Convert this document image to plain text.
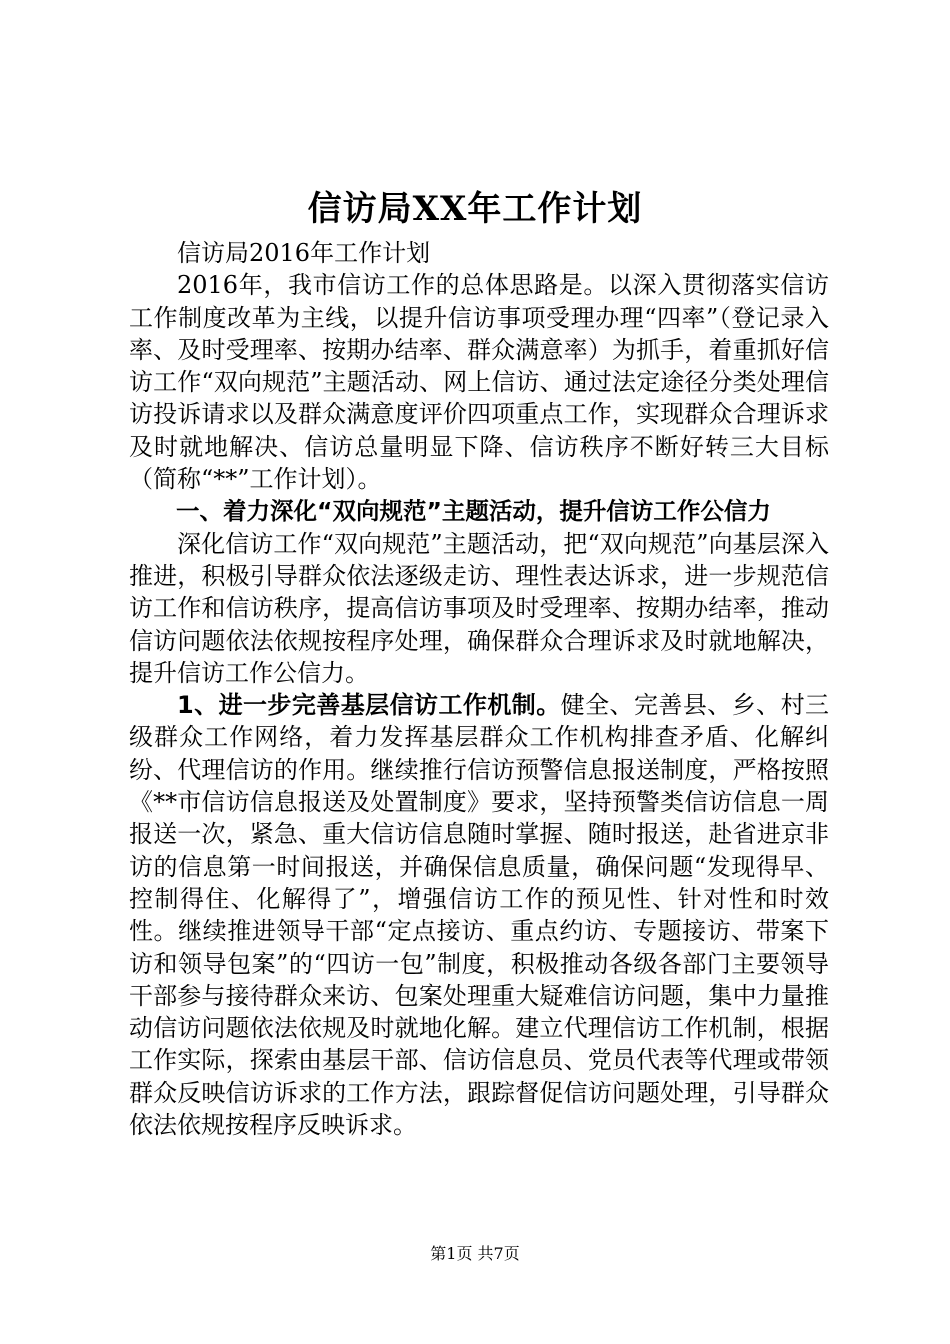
信访局XX年工作计划

信访局2016年工作计划

2016年，我市信访工作的总体思路是。以深入贯彻落实信访工作制度改革为主线，以提升信访事项受理办理“四率”（登记录入率、及时受理率、按期办结率、群众满意率）为抓手，着重抓好信访工作“双向规范”主题活动、网上信访、通过法定途径分类处理信访投诉请求以及群众满意度评价四项重点工作，实现群众合理诉求及时就地解决、信访总量明显下降、信访秩序不断好转三大目标（简称“**”工作计划）。

一、着力深化“双向规范”主题活动，提升信访工作公信力

深化信访工作“双向规范”主题活动，把“双向规范”向基层深入推进，积极引导群众依法逐级走访、理性表达诉求，进一步规范信访工作和信访秩序，提高信访事项及时受理率、按期办结率，推动信访问题依法依规按程序处理，确保群众合理诉求及时就地解决，提升信访工作公信力。

1、进一步完善基层信访工作机制。健全、完善县、乡、村三级群众工作网络，着力发挥基层群众工作机构排查矛盾、化解纠纷、代理信访的作用。继续推行信访预警信息报送制度，严格按照《**市信访信息报送及处置制度》要求，坚持预警类信访信息一周报送一次，紧急、重大信访信息随时掌握、随时报送，赴省进京非访的信息第一时间报送，并确保信息质量，确保问题“发现得早、控制得住、化解得了”，增强信访工作的预见性、针对性和时效性。继续推进领导干部“定点接访、重点约访、专题接访、带案下访和领导包案”的“四访一包”制度，积极推动各级各部门主要领导干部参与接待群众来访、包案处理重大疑难信访问题，集中力量推动信访问题依法依规及时就地化解。建立代理信访工作机制，根据工作实际，探索由基层干部、信访信息员、党员代表等代理或带领群众反映信访诉求的工作方法，跟踪督促信访问题处理，引导群众依法依规按程序反映诉求。

第1页 共7页
